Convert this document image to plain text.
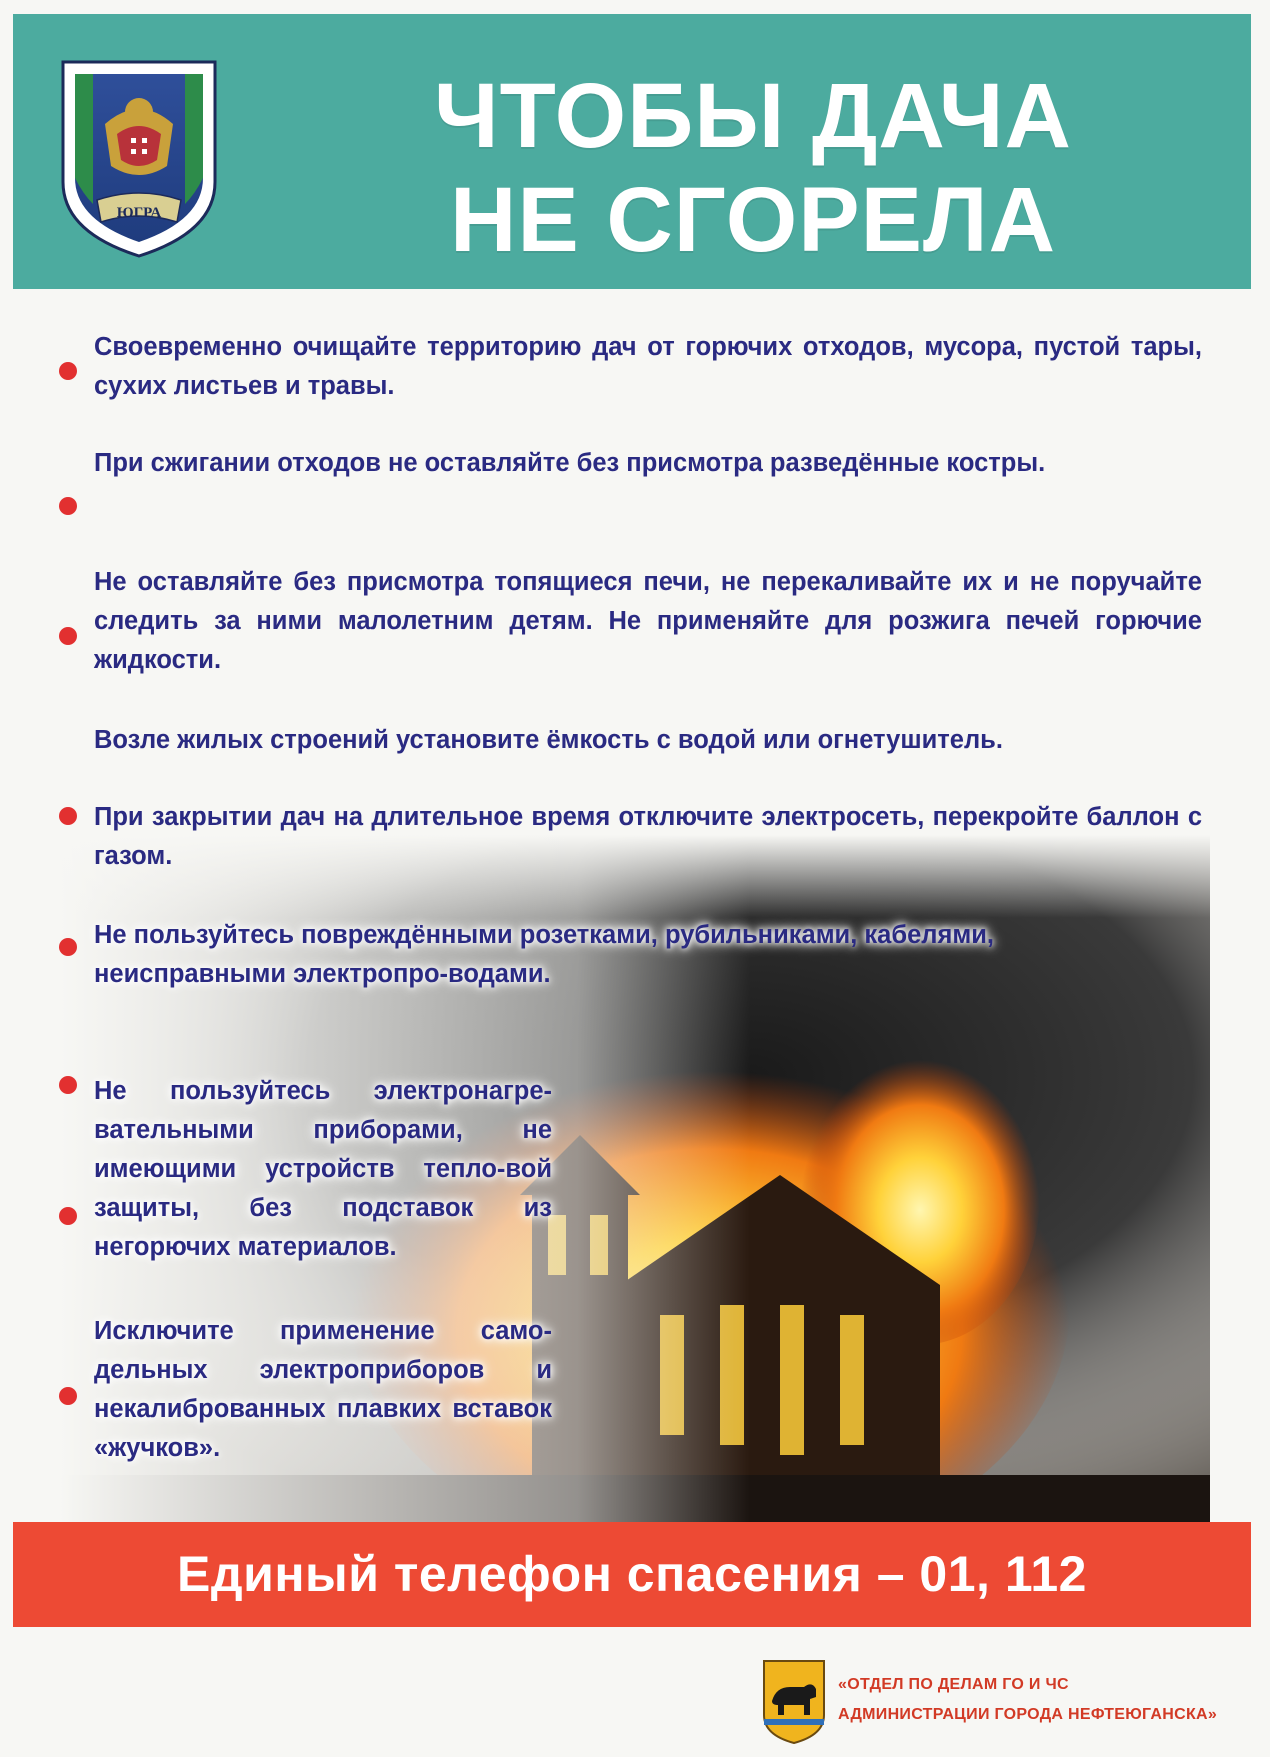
ЮГРА
ЧТОБЫ ДАЧА
НЕ СГОРЕЛА

Своевременно очищайте территорию дач от горючих отходов, мусора, пустой тары, сухих листьев и травы.

При сжигании отходов не оставляйте без присмотра разведённые костры.

Не оставляйте без присмотра топящиеся печи, не перекаливайте их и не поручайте следить за ними малолетним детям. Не применяйте для розжига печей горючие жидкости.

Возле жилых строений установите ёмкость с водой или огнетушитель.

При закрытии дач на длительное время отключите электросеть, перекройте баллон с газом.

Не пользуйтесь повреждёнными розетками, рубильниками, кабелями,

неисправными электропро-водами.

Не пользуйтесь электронагре-вательными приборами, не имеющими устройств тепло-вой защиты, без подставок из негорючих материалов.

Исключите применение само-дельных электроприборов и некалиброванных плавких вставок «жучков».

Единый телефон спасения – 01, 112
«ОТДЕЛ ПО ДЕЛАМ ГО И ЧС
АДМИНИСТРАЦИИ ГОРОДА НЕФТЕЮГАНСКА»
